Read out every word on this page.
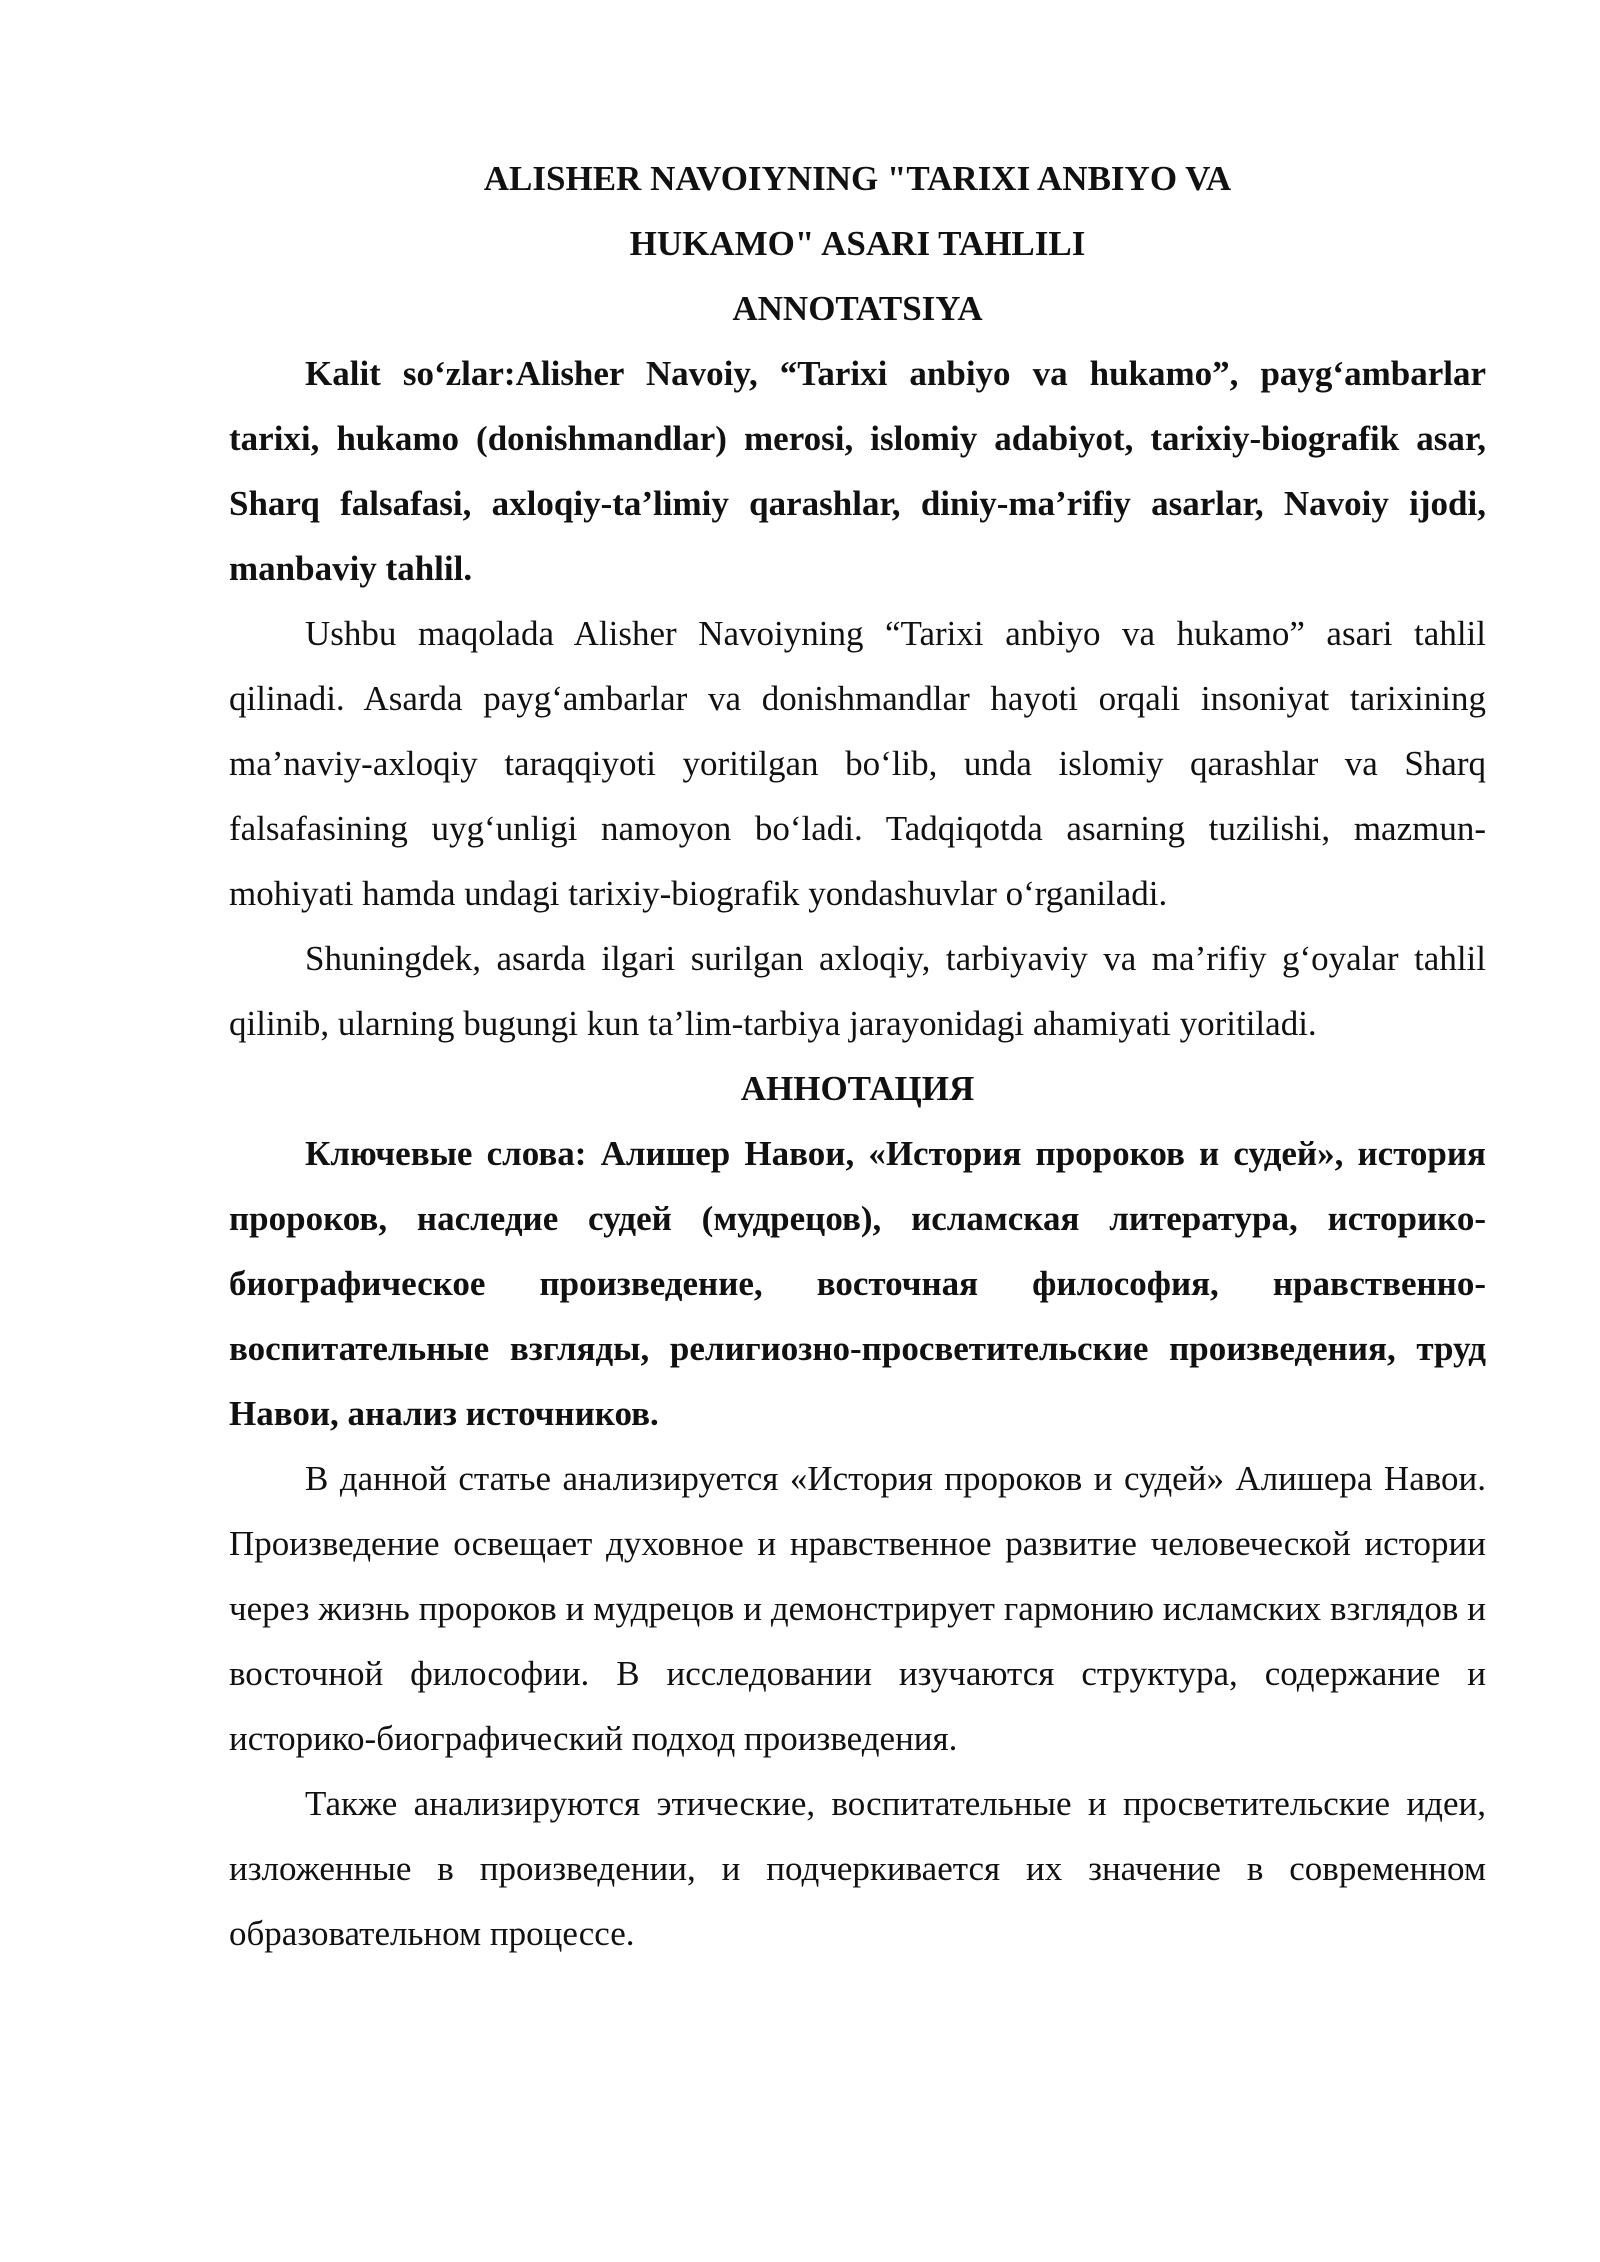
ALISHER NAVOIYNING "TARIXI ANBIYO VA

HUKAMO" ASARI TAHLILI

ANNOTATSIYA

Kalit so‘zlar:Alisher Navoiy, “Tarixi anbiyo va hukamo”, payg‘ambarlar tarixi, hukamo (donishmandlar) merosi, islomiy adabiyot, tarixiy-biografik asar, Sharq falsafasi, axloqiy-ta’limiy qarashlar, diniy-ma’rifiy asarlar, Navoiy ijodi, manbaviy tahlil.

Ushbu maqolada Alisher Navoiyning “Tarixi anbiyo va hukamo” asari tahlil qilinadi. Asarda payg‘ambarlar va donishmandlar hayoti orqali insoniyat tarixining ma’naviy-axloqiy taraqqiyoti yoritilgan bo‘lib, unda islomiy qarashlar va Sharq falsafasining uyg‘unligi namoyon bo‘ladi. Tadqiqotda asarning tuzilishi, mazmun-mohiyati hamda undagi tarixiy-biografik yondashuvlar o‘rganiladi.

Shuningdek, asarda ilgari surilgan axloqiy, tarbiyaviy va ma’rifiy g‘oyalar tahlil qilinib, ularning bugungi kun ta’lim-tarbiya jarayonidagi ahamiyati yoritiladi.

АННОТАЦИЯ

Ключевые слова: Алишер Навои, «История пророков и судей», история пророков, наследие судей (мудрецов), исламская литература, историко-биографическое произведение, восточная философия, нравственно-воспитательные взгляды, религиозно-просветительские произведения, труд Навои, анализ источников.

В данной статье анализируется «История пророков и судей» Алишера Навои. Произведение освещает духовное и нравственное развитие человеческой истории через жизнь пророков и мудрецов и демонстрирует гармонию исламских взглядов и восточной философии. В исследовании изучаются структура, содержание и историко-биографический подход произведения.

Также анализируются этические, воспитательные и просветительские идеи, изложенные в произведении, и подчеркивается их значение в современном образовательном процессе.
